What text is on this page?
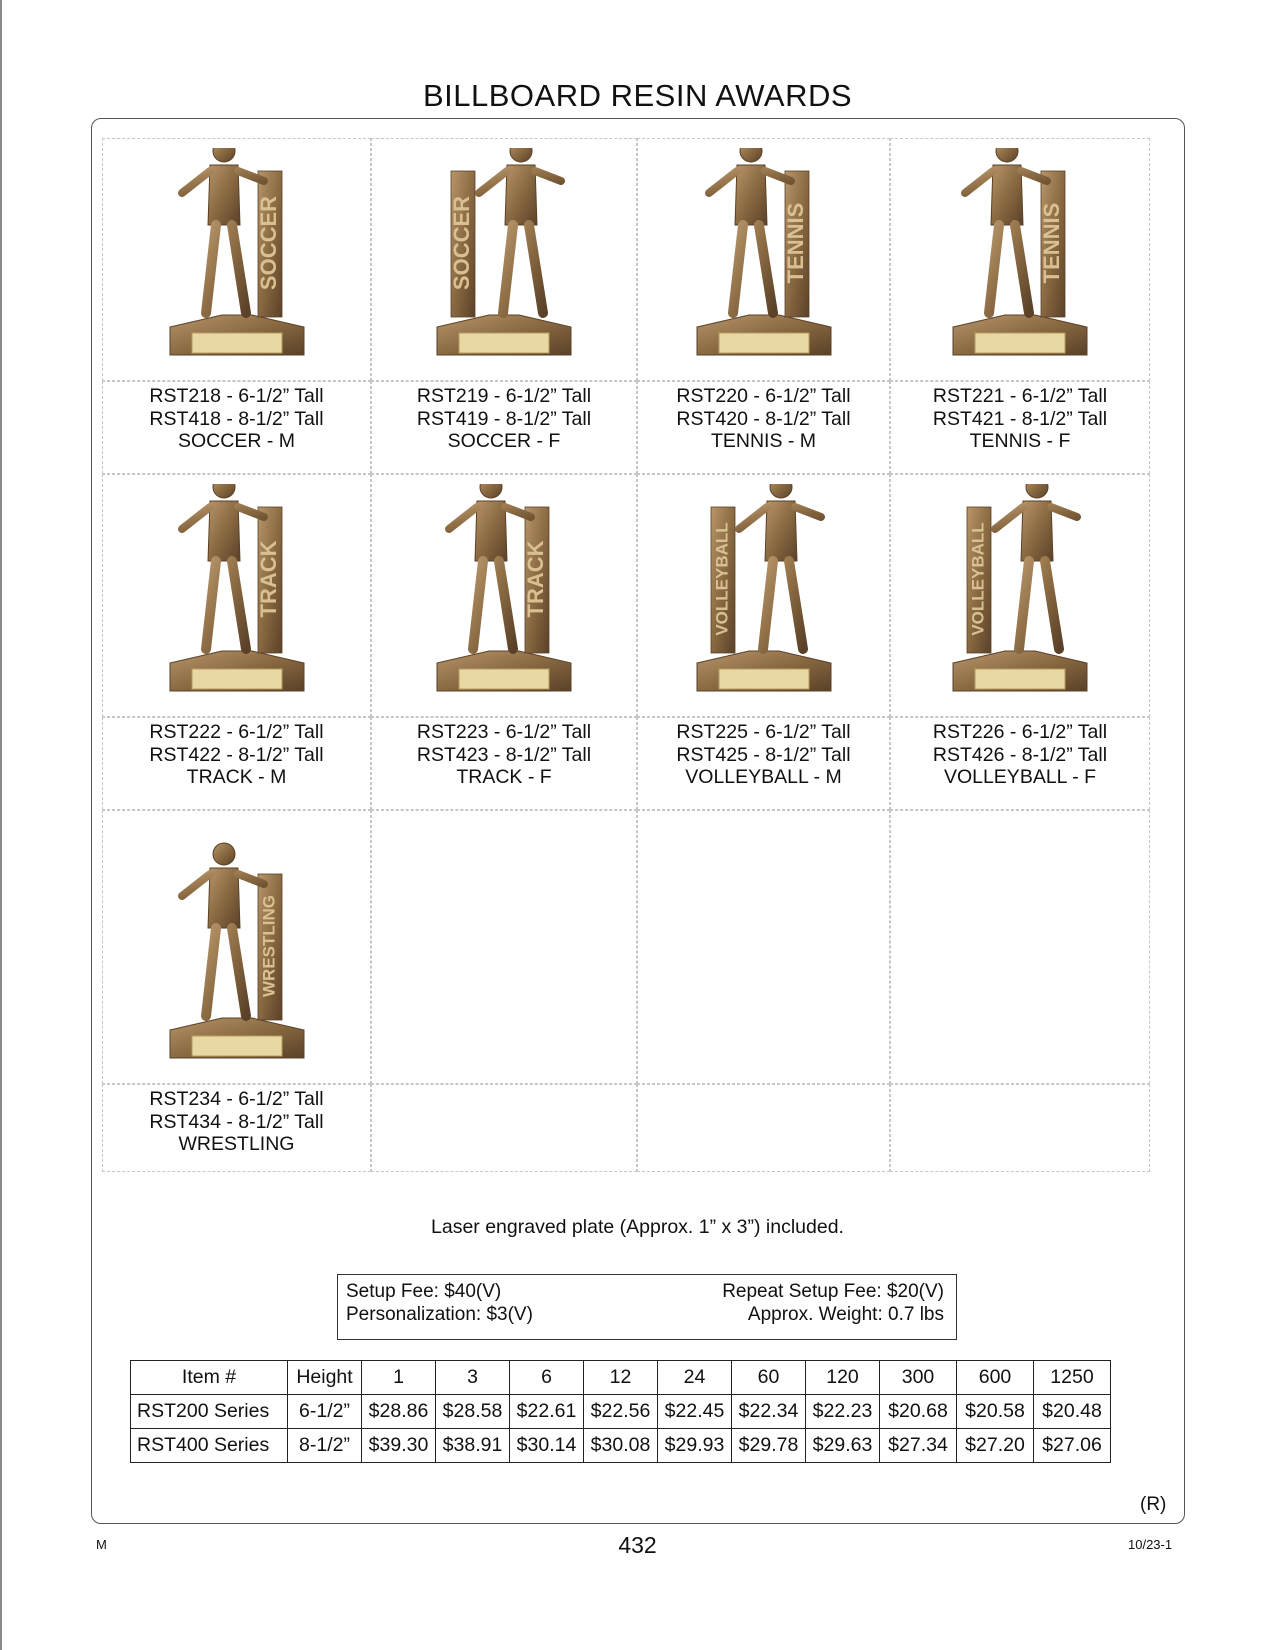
BILLBOARD RESIN AWARDS
Laser engraved plate (Approx. 1” x 3”) included.
Setup Fee: $40(V)
Personalization: $3(V)
Repeat Setup Fee: $20(V)
Approx. Weight: 0.7 lbs
Item #	Height	1	3	6	12	24	60	120	300	600	1250
RST200 Series	6-1/2”	$28.86	$28.58	$22.61	$22.56	$22.45	$22.34	$22.23	$20.68	$20.58	$20.48
RST400 Series	8-1/2”	$39.30	$38.91	$30.14	$30.08	$29.93	$29.78	$29.63	$27.34	$27.20	$27.06
(R)
M	432	10/23-1
SOCCER
RST218 - 6-1/2” Tall
RST418 - 8-1/2” Tall
SOCCER - M
SOCCER
RST219 - 6-1/2” Tall
RST419 - 8-1/2” Tall
SOCCER - F
TENNIS
RST220 - 6-1/2” Tall
RST420 - 8-1/2” Tall
TENNIS - M
TENNIS
RST221 - 6-1/2” Tall
RST421 - 8-1/2” Tall
TENNIS - F
TRACK
RST222 - 6-1/2” Tall
RST422 - 8-1/2” Tall
TRACK - M
TRACK
RST223 - 6-1/2” Tall
RST423 - 8-1/2” Tall
TRACK - F
VOLLEYBALL
RST225 - 6-1/2” Tall
RST425 - 8-1/2” Tall
VOLLEYBALL - M
VOLLEYBALL
RST226 - 6-1/2” Tall
RST426 - 8-1/2” Tall
VOLLEYBALL - F
WRESTLING
RST234 - 6-1/2” Tall
RST434 - 8-1/2” Tall
WRESTLING
